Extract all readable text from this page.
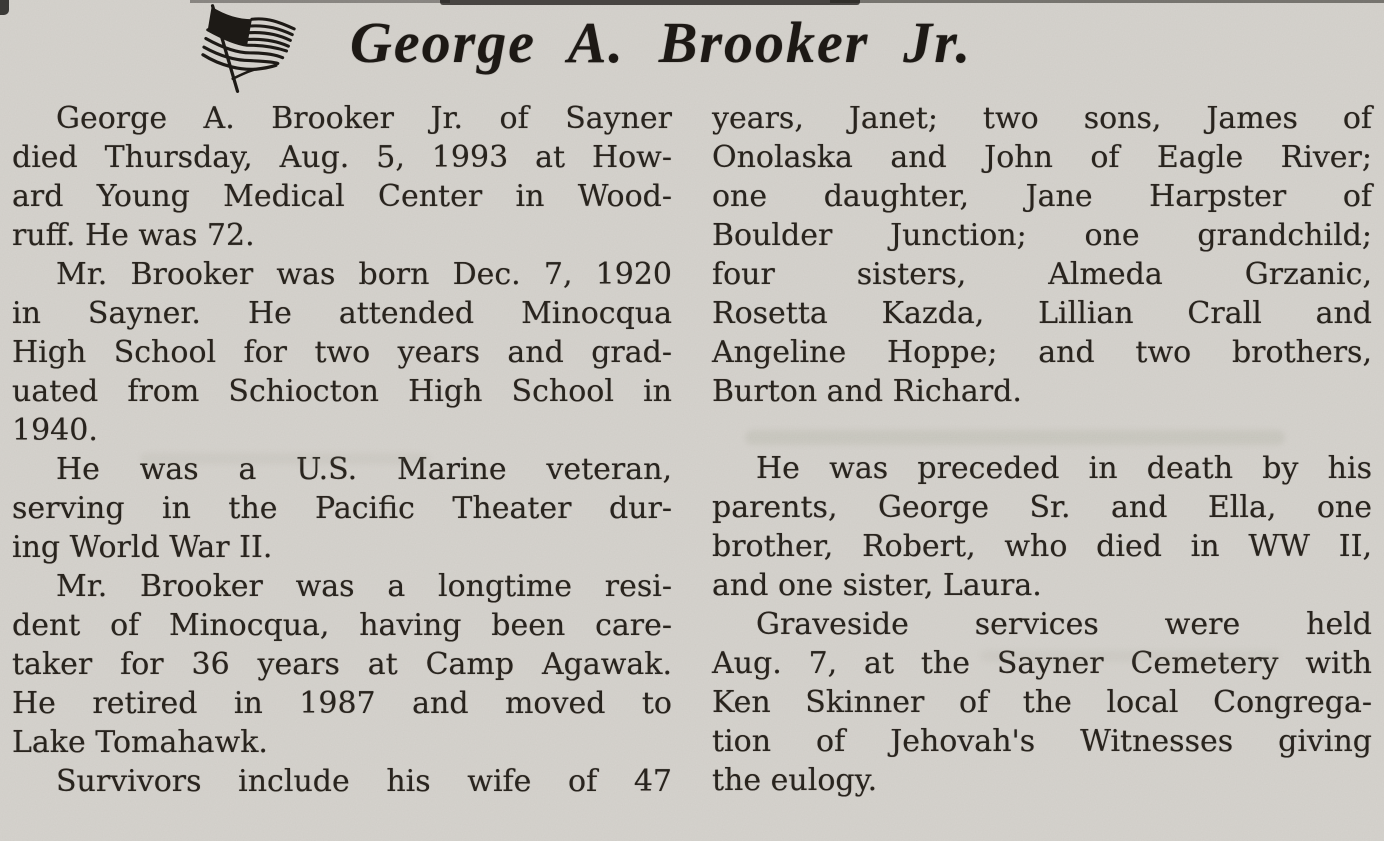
George A. Brooker Jr.
George A. Brooker Jr. of Sayner
died Thursday, Aug. 5, 1993 at How-
ard Young Medical Center in Wood-
ruff. He was 72.
Mr. Brooker was born Dec. 7, 1920
in Sayner. He attended Minocqua
High School for two years and grad-
uated from Schiocton High School in
1940.
He was a U.S. Marine veteran,
serving in the Pacific Theater dur-
ing World War II.
Mr. Brooker was a longtime resi-
dent of Minocqua, having been care-
taker for 36 years at Camp Agawak.
He retired in 1987 and moved to
Lake Tomahawk.
Survivors include his wife of 47
years, Janet; two sons, James of
Onolaska and John of Eagle River;
one daughter, Jane Harpster of
Boulder Junction; one grandchild;
four sisters, Almeda Grzanic,
Rosetta Kazda, Lillian Crall and
Angeline Hoppe; and two brothers,
Burton and Richard.
He was preceded in death by his
parents, George Sr. and Ella, one
brother, Robert, who died in WW II,
and one sister, Laura.
Graveside services were held
Aug. 7, at the Sayner Cemetery with
Ken Skinner of the local Congrega-
tion of Jehovah's Witnesses giving
the eulogy.
